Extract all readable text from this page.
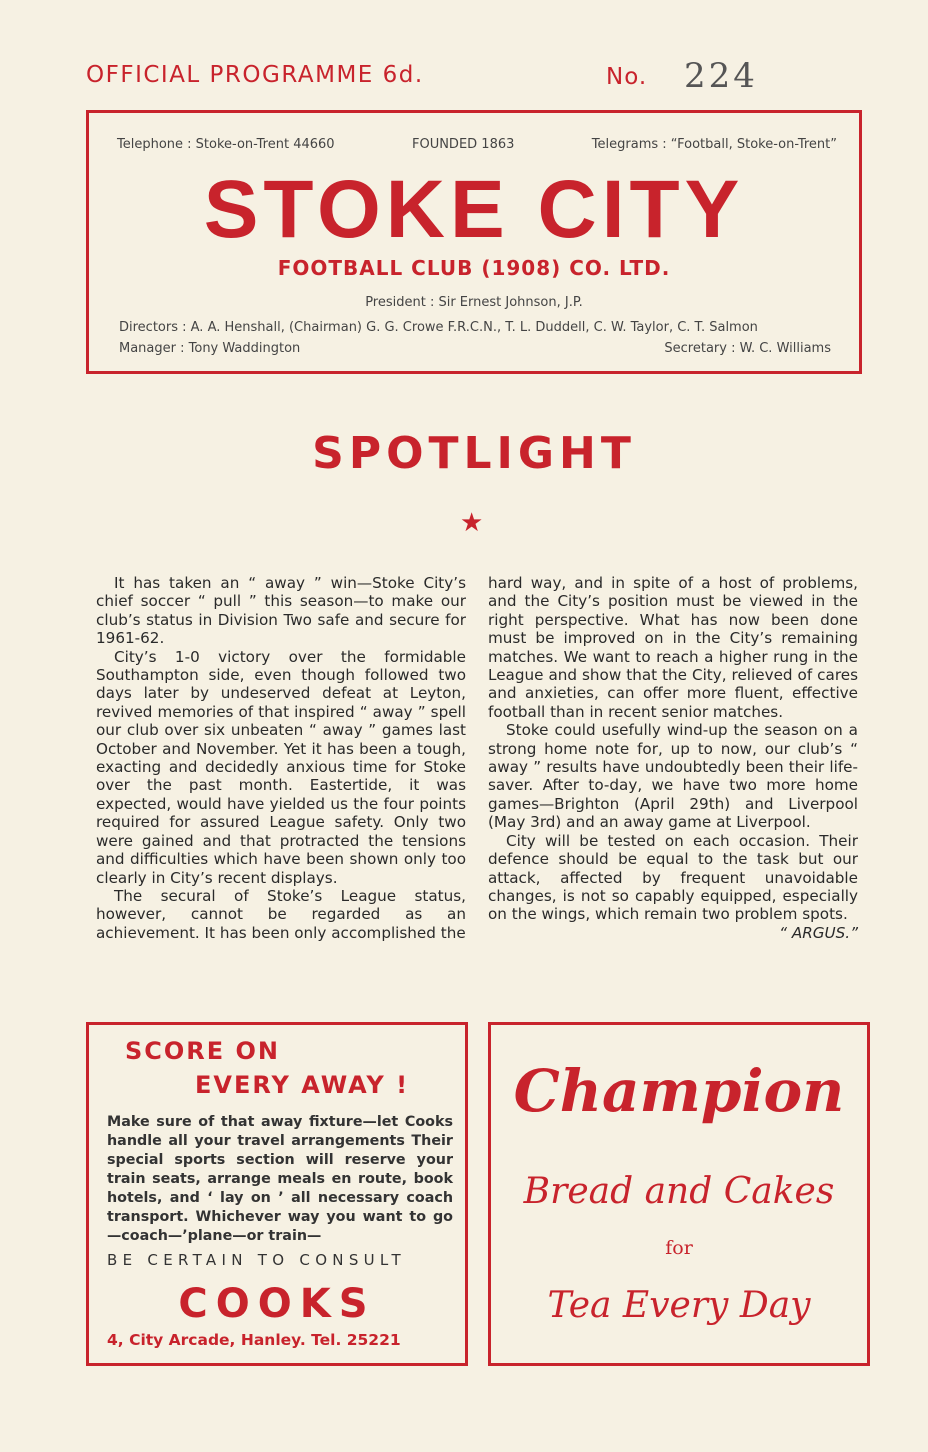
OFFICIAL PROGRAMME 6d.	No. 224
Telephone : Stoke-on-Trent 44660	FOUNDED 1863	Telegrams : “Football, Stoke-on-Trent”
STOKE CITY
FOOTBALL CLUB (1908) CO. LTD.
President : Sir Ernest Johnson, J.P.
Directors : A. A. Henshall, (Chairman) G. G. Crowe F.R.C.N., T. L. Duddell, C. W. Taylor, C. T. Salmon
Manager : Tony Waddington	Secretary : W. C. Williams
SPOTLIGHT
★

It has taken an “ away ” win—Stoke City’s chief soccer “ pull ” this season—to make our club’s status in Division Two safe and secure for 1961-62.

City’s 1-0 victory over the formidable Southampton side, even though followed two days later by undeserved defeat at Leyton, revived memories of that inspired “ away ” spell our club over six unbeaten “ away ” games last October and November. Yet it has been a tough, exacting and decidedly anxious time for Stoke over the past month. Eastertide, it was expected, would have yielded us the four points required for assured League safety. Only two were gained and that protracted the tensions and difficulties which have been shown only too clearly in City’s recent displays.

The secural of Stoke’s League status, however, cannot be regarded as an achievement. It has been only accomplished the

hard way, and in spite of a host of problems, and the City’s position must be viewed in the right perspective. What has now been done must be improved on in the City’s remaining matches. We want to reach a higher rung in the League and show that the City, relieved of cares and anxieties, can offer more fluent, effective football than in recent senior matches.

Stoke could usefully wind-up the season on a strong home note for, up to now, our club’s “ away ” results have undoubtedly been their life-saver. After to-day, we have two more home games—Brighton (April 29th) and Liverpool (May 3rd) and an away game at Liverpool.

City will be tested on each occasion. Their defence should be equal to the task but our attack, affected by frequent unavoidable changes, is not so capably equipped, especially on the wings, which remain two problem spots.
“ ARGUS.”

SCORE ON
EVERY AWAY !
Make sure of that away fixture—let Cooks handle all your travel arrangements Their special sports section will reserve your train seats, arrange meals en route, book hotels, and ‘ lay on ’ all necessary coach transport. Whichever way you want to go—coach—’plane—or train—
BE CERTAIN TO CONSULT
COOKS
4, City Arcade, Hanley. Tel. 25221
Champion
Bread and Cakes
for
Tea Every Day
